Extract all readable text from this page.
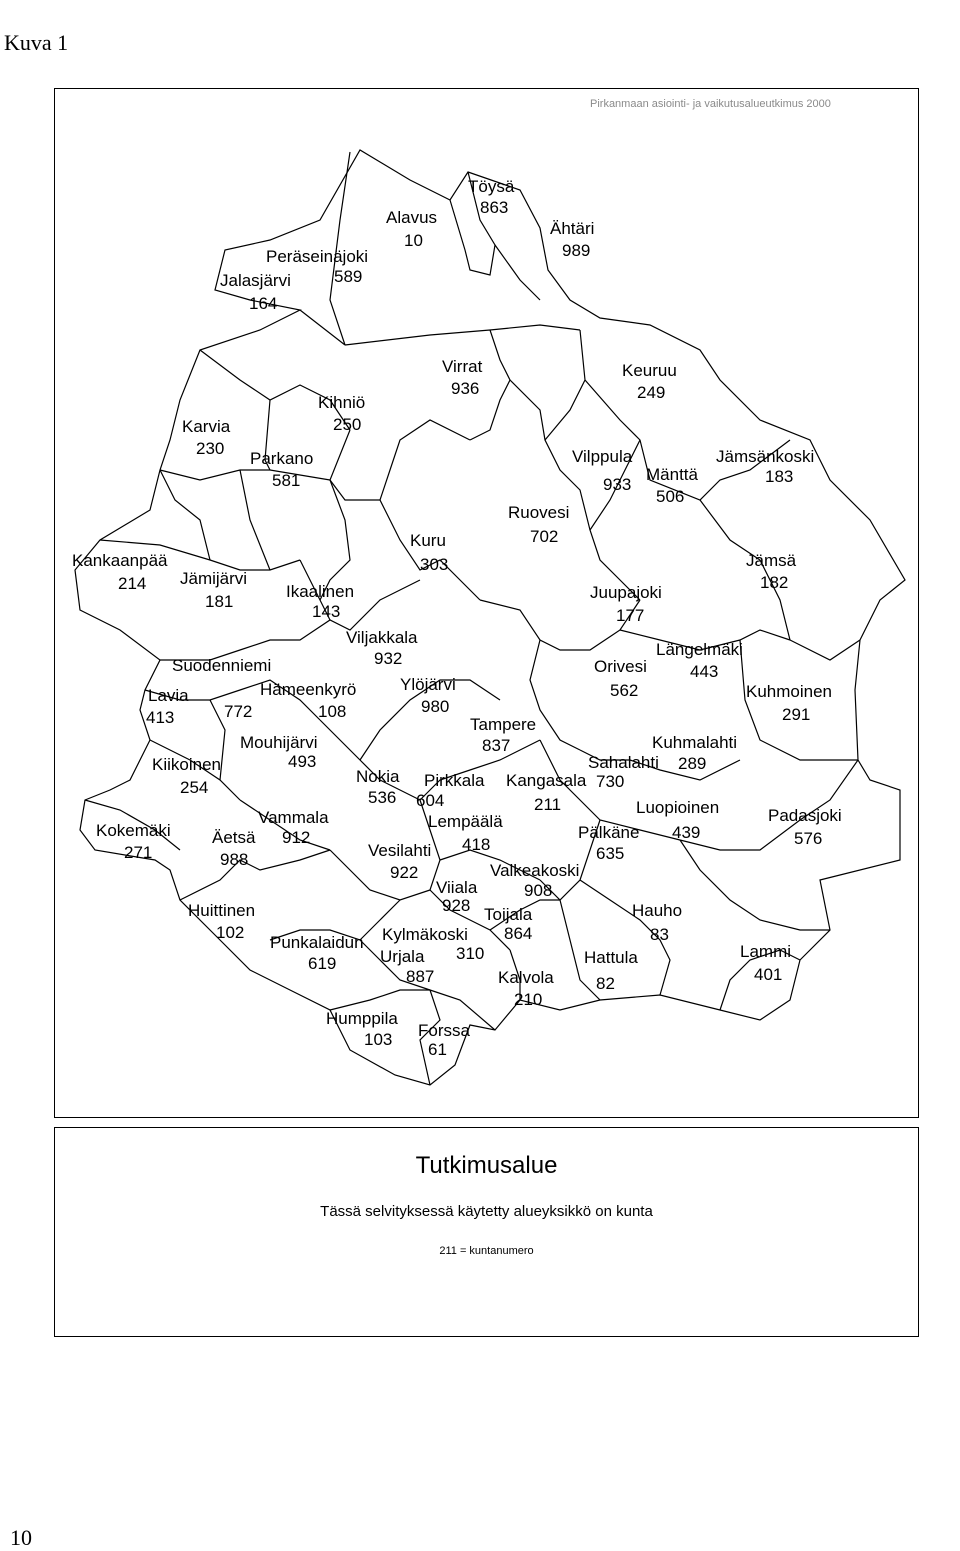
Kuva 1
Pirkanmaan asiointi- ja vaikutusalueutkimus 2000
Töysä
863
Alavus
10
Ähtäri
989
Peräseinäjoki
589
Jalasjärvi
164
Virrat
936
Keuruu
249
Kihniö
250
Karvia
230
Parkano
581
Vilppula
933
Mänttä
506
Jämsänkoski
183
Ruovesi
702
Kuru
303
Kankaanpää
214 Jämijärvi
181
Ikaalinen
143
Juupajoki
177
Jämsä
182
Viljakkala
932
Suodenniemi
772
Längelmäki
443
Orivesi
562
Hämeenkyrö
108
Ylöjärvi
980
Lavia
413
Kuhmoinen
291
Tampere
837
Mouhijärvi
493
Kuhmalahti
289
Sahalahti
730
Kiikoinen
254
Nokia
536
Pirkkala
604
Kangasala
211	Luopioinen
439
Padasjoki
576
Vammala
912
Lempäälä
418
Kokemäki
271
Äetsä
988
Pälkäne
635
Vesilahti
922	Valkeakoski
908
Viiala
928
Huittinen
102
Hauho
83
Toijala
864
Kylmäkoski
310
Punkalaidun
619	Urjala
887
Hattula
82
Lammi
401
Kalvola
210
Humppila
103 Forssa
61
Tutkimusalue
Tässä selvityksessä käytetty alueyksikkö on kunta
211 = kuntanumero
10
